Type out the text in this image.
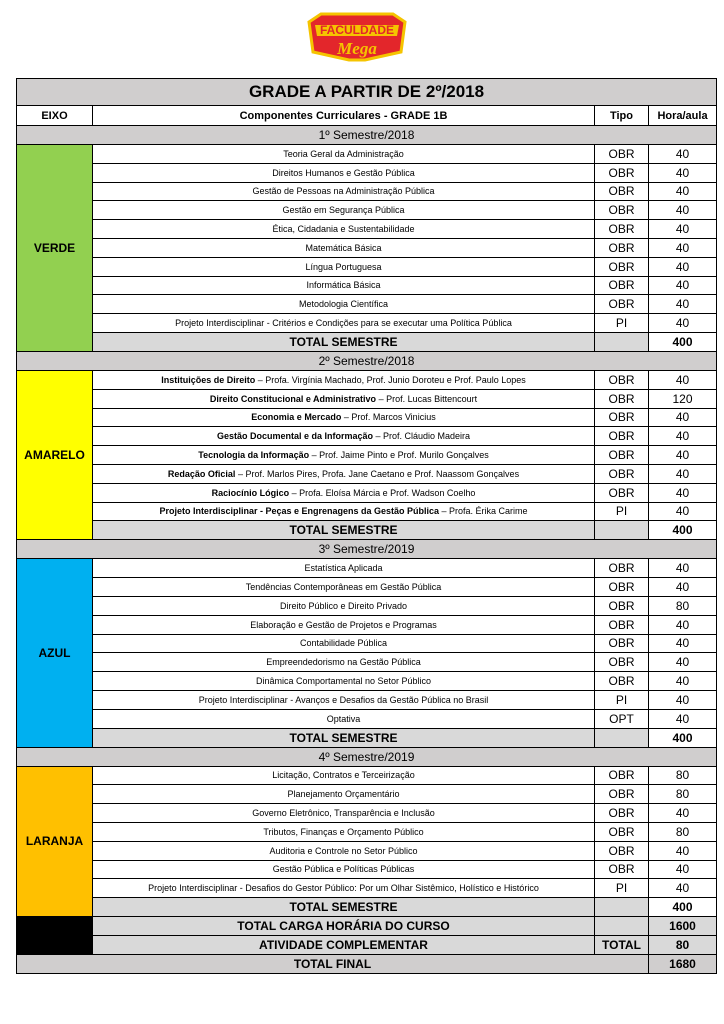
FACULDADE
Mega
GRADE A PARTIR DE 2º/2018			
EIXO	Componentes Curriculares - GRADE 1B	Tipo	Hora/aula
1º Semestre/2018			
VERDE	Teoria Geral da Administração	OBR	40
	Direitos Humanos e Gestão Pública	OBR	40
	Gestão de Pessoas na Administração Pública	OBR	40
	Gestão em Segurança Pública	OBR	40
	Ética, Cidadania e Sustentabilidade	OBR	40
	Matemática Básica	OBR	40
	Língua Portuguesa	OBR	40
	Informática Básica	OBR	40
	Metodologia Científica	OBR	40
	Projeto Interdisciplinar - Critérios e Condições para se executar uma Política Pública	PI	40
	TOTAL SEMESTRE		400
2º Semestre/2018			
AMARELO	Instituições de Direito – Profa. Virgínia Machado, Prof. Junio Doroteu e Prof. Paulo Lopes	OBR	40
	Direito Constitucional e Administrativo – Prof. Lucas Bittencourt	OBR	120
	Economia e Mercado – Prof. Marcos Vinicius	OBR	40
	Gestão Documental e da Informação – Prof. Cláudio Madeira	OBR	40
	Tecnologia da Informação – Prof. Jaime Pinto e Prof. Murilo Gonçalves	OBR	40
	Redação Oficial – Prof. Marlos Pires, Profa. Jane Caetano e Prof. Naassom Gonçalves	OBR	40
	Raciocínio Lógico – Profa. Eloísa Márcia e Prof. Wadson Coelho	OBR	40
	Projeto Interdisciplinar - Peças e Engrenagens da Gestão Pública – Profa. Érika Carime	PI	40
	TOTAL SEMESTRE		400
3º Semestre/2019			
AZUL	Estatística Aplicada	OBR	40
	Tendências Contemporâneas em Gestão Pública	OBR	40
	Direito Público e Direito Privado	OBR	80
	Elaboração e Gestão de Projetos e Programas	OBR	40
	Contabilidade Pública	OBR	40
	Empreendedorismo na Gestão Pública	OBR	40
	Dinâmica Comportamental no Setor Público	OBR	40
	Projeto Interdisciplinar - Avanços e Desafios da Gestão Pública no Brasil	PI	40
	Optativa	OPT	40
	TOTAL SEMESTRE		400
4º Semestre/2019			
LARANJA	Licitação, Contratos e Terceirização	OBR	80
	Planejamento Orçamentário	OBR	80
	Governo Eletrônico, Transparência e Inclusão	OBR	40
	Tributos, Finanças e Orçamento Público	OBR	80
	Auditoria e Controle no Setor Público	OBR	40
	Gestão Pública e Políticas Públicas	OBR	40
	Projeto Interdisciplinar - Desafios do Gestor Público: Por um Olhar Sistêmico, Holístico e Histórico	PI	40
	TOTAL SEMESTRE		400
	TOTAL CARGA HORÁRIA DO CURSO		1600
	ATIVIDADE COMPLEMENTAR	TOTAL	80
TOTAL FINAL			1680
